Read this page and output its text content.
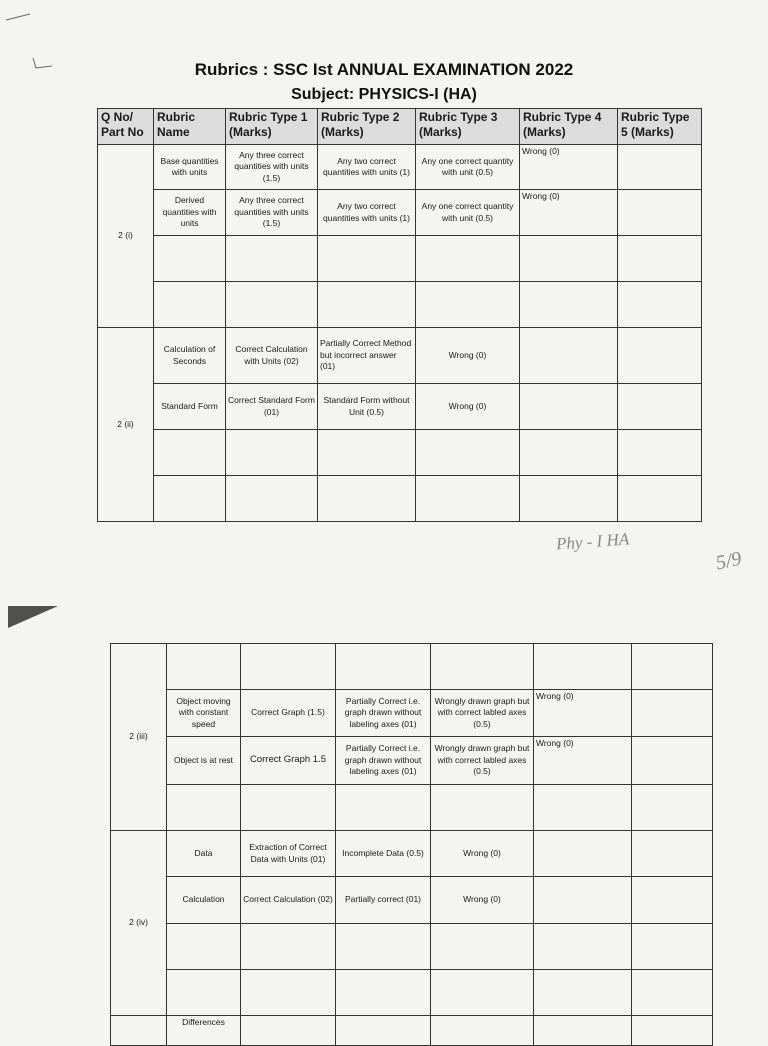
Rubrics : SSC Ist ANNUAL EXAMINATION 2022
Subject: PHYSICS-I (HA)
Q No/ Part No	Rubric Name	Rubric Type 1 (Marks)	Rubric Type 2 (Marks)	Rubric Type 3 (Marks)	Rubric Type 4 (Marks)	Rubric Type 5 (Marks)
2 (i)	Base quantities with units	Any three correct quantities with units (1.5)	Any two correct quantities with units (1)	Any one correct quantity with unit (0.5)	Wrong (0)	
	Derived quantities with units	Any three correct quantities with units (1.5)	Any two correct quantities with units (1)	Any one correct quantity with unit (0.5)	Wrong (0)	

2 (ii)	Calculation of Seconds	Correct Calculation with Units (02)	Partially Correct Method but incorrect answer (01)	Wrong (0)		
	Standard Form	Correct Standard Form (01)	Standard Form without Unit (0.5)	Wrong (0)		

Phy - I HA
5/9
2 (iii)						
	Object moving with constant speed	Correct Graph (1.5)	Partially Correct i.e. graph drawn without labeling axes (01)	Wrongly drawn graph but with correct labled axes (0.5)	Wrong (0)	
	Object is at rest	Correct Graph 1.5	Partially Correct i.e. graph drawn without labeling axes (01)	Wrongly drawn graph but with correct labled axes (0.5)	Wrong (0)	

2 (iv)	Data	Extraction of Correct Data with Units (01)	Incomplete Data (0.5)	Wrong (0)		
	Calculation	Correct Calculation (02)	Partially correct (01)	Wrong (0)		

	Differences					
